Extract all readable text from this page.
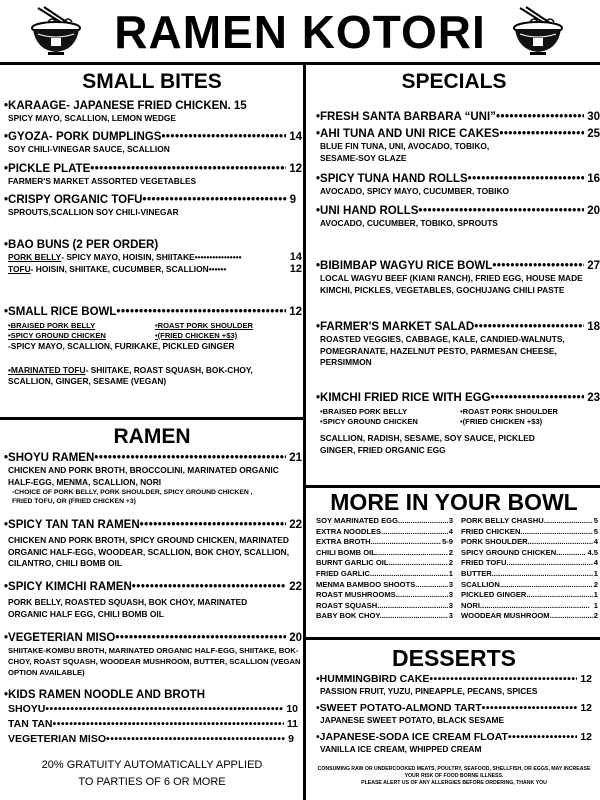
RAMEN KOTORI
SMALL BITES
•KARAAGE- JAPANESE FRIED CHICKEN. 15
SPICY MAYO, SCALLION, LEMON WEDGE
•GYOZA- PORK DUMPLINGS •••••	14
SOY CHILI-VINEGAR SAUCE, SCALLION
•PICKLE PLATE •••••	12
FARMER'S MARKET ASSORTED VEGETABLES
•CRISPY ORGANIC TOFU •••••	9
SPROUTS,SCALLION SOY CHILI-VINEGAR
•BAO BUNS (2 PER ORDER)
PORK BELLY - SPICY MAYO, HOISIN, SHIITAKE ••••••••••••••••	14
TOFU - HOISIN, SHIITAKE, CUCUMBER, SCALLION ••••••	12
•SMALL RICE BOWL •••••	12
•BRAISED PORK BELLY	•ROAST PORK SHOULDER
•SPICY GROUND CHICKEN	•(FRIED CHICKEN +$3)
-SPICY MAYO, SCALLION, FURIKAKE, PICKLED GINGER
•MARINATED TOFU- SHIITAKE, ROAST SQUASH, BOK-CHOY, SCALLION, GINGER, SESAME (VEGAN)
RAMEN
•SHOYU RAMEN •••••	21
CHICKEN AND PORK BROTH, BROCCOLINI, MARINATED ORGANIC HALF-EGG, MENMA, SCALLION, NORI
-CHOICE OF PORK BELLY, PORK SHOULDER, SPICY GROUND CHICKEN , FRIED TOFU, OR (FRIED CHICKEN +3)
•SPICY TAN TAN RAMEN •••••	22
CHICKEN AND PORK BROTH, SPICY GROUND CHICKEN, MARINATED ORGANIC HALF-EGG, WOODEAR, SCALLION, BOK CHOY, SCALLION, CILANTRO, CHILI BOMB OIL
•SPICY KIMCHI RAMEN •••••	22
PORK BELLY, ROASTED SQUASH, BOK CHOY, MARINATED ORGANIC HALF EGG, CHILI BOMB OIL
•VEGETERIAN MISO •••••	20
SHIITAKE-KOMBU BROTH, MARINATED ORGANIC HALF-EGG, SHIITAKE, BOK-CHOY, ROAST SQUASH, WOODEAR MUSHROOM, BUTTER, SCALLION (VEGAN OPTION AVAILABLE)
•KIDS RAMEN NOODLE AND BROTH
SHOYU •••••	10
TAN TAN •••••	11
VEGETERIAN MISO •••••	9
20% GRATUITY AUTOMATICALLY APPLIED
TO PARTIES OF 6 OR MORE
SPECIALS
•FRESH SANTA BARBARA “UNI” •••••	30
•AHI TUNA AND UNI RICE CAKES •••••	25
BLUE FIN TUNA, UNI, AVOCADO, TOBIKO, SESAME-SOY GLAZE
•SPICY TUNA HAND ROLLS •••••	16
AVOCADO, SPICY MAYO, CUCUMBER, TOBIKO
•UNI HAND ROLLS •••••	20
AVOCADO, CUCUMBER, TOBIKO, SPROUTS
•BIBIMBAP WAGYU RICE BOWL •••••	27
LOCAL WAGYU BEEF (KIANI RANCH), FRIED EGG, HOUSE MADE KIMCHI, PICKLES, VEGETABLES, GOCHUJANG CHILI PASTE
•FARMER'S MARKET SALAD •••••	18
ROASTED VEGGIES, CABBAGE, KALE, CANDIED-WALNUTS, POMEGRANATE, HAZELNUT PESTO, PARMESAN CHEESE, PERSIMMON
•KIMCHI FRIED RICE WITH EGG •••••	23
•BRAISED PORK BELLY	•ROAST PORK SHOULDER
•SPICY GROUND CHICKEN	•(FRIED CHICKEN +$3)
SCALLION, RADISH, SESAME, SOY SAUCE, PICKLED GINGER, FRIED ORGANIC EGG
MORE IN YOUR BOWL
SOY MARINATED EGG .....	3
EXTRA NOODLES .....	4
EXTRA BROTH .....	5-9
CHILI BOMB OIL .....	2
BURNT GARLIC OIL .....	2
FRIED GARLIC .....	1
MENMA BAMBOO SHOOTS .....	3
ROAST MUSHROOMS .....	3
ROAST SQUASH .....	3
BABY BOK CHOY .....	3
PORK BELLY CHASHU .....	5
FRIED CHICKEN .....	5
PORK SHOULDER .....	4
SPICY GROUND CHICKEN .....	4.5
FRIED TOFU .....	4
BUTTER .....	1
SCALLION .....	2
PICKLED GINGER .....	1
NORI .....	1
WOODEAR MUSHROOM .....	2
DESSERTS
•HUMMINGBIRD CAKE •••••	12
PASSION FRUIT, YUZU, PINEAPPLE, PECANS, SPICES
•SWEET POTATO-ALMOND TART •••••	12
JAPANESE SWEET POTATO, BLACK SESAME
•JAPANESE-SODA ICE CREAM FLOAT •••••	12
VANILLA ICE CREAM, WHIPPED CREAM
CONSUMING RAW OR UNDERCOOKED MEATS, POULTRY, SEAFOOD, SHELLFISH, OR EGGS, MAY INCREASE YOUR RISK OF FOOD BORNE ILLNESS.
PLEASE ALERT US OF ANY ALLERGIES BEFORE ORDERING, THANK YOU
